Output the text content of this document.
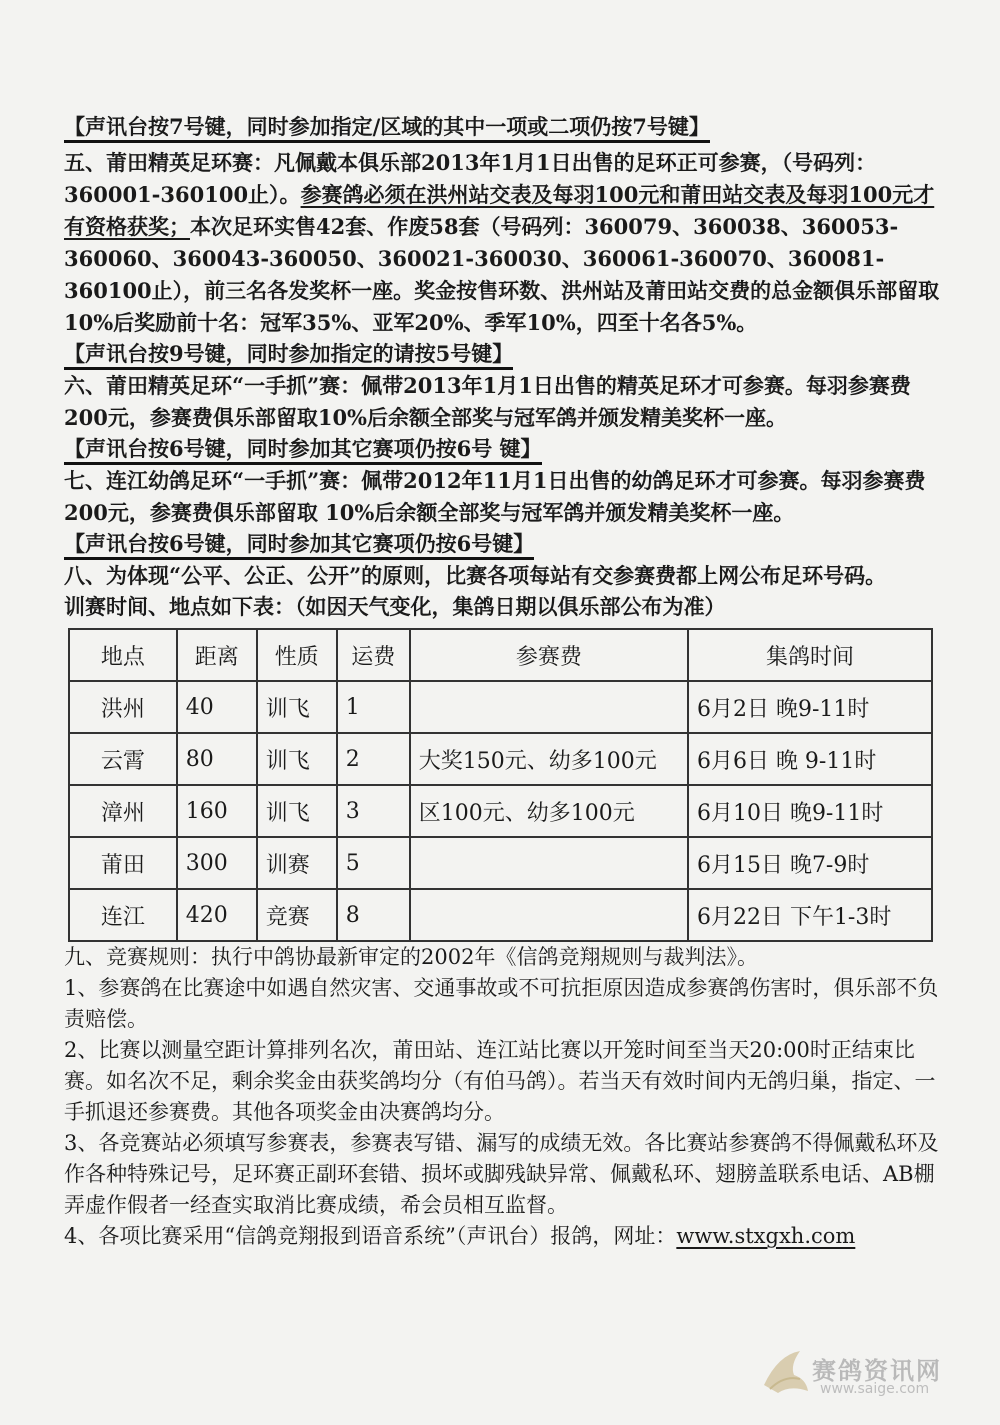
【声讯台按7号键，同时参加指定/区域的其中一项或二项仍按7号键】

五、莆田精英足环赛：凡佩戴本俱乐部2013年1月1日出售的足环正可参赛，（号码列：360001-360100止）。参赛鸽必须在洪州站交表及每羽100元和莆田站交表及每羽100元才有资格获奖；本次足环实售42套、作废58套（号码列：360079、360038、360053-360060、360043-360050、360021-360030、360061-360070、360081-360100止），前三名各发奖杯一座。奖金按售环数、洪州站及莆田站交费的总金额俱乐部留取10%后奖励前十名：冠军35%、亚军20%、季军10%，四至十名各5%。

【声讯台按9号键，同时参加指定的请按5号键】

六、莆田精英足环“一手抓”赛：佩带2013年1月1日出售的精英足环才可参赛。每羽参赛费200元，参赛费俱乐部留取10%后余额全部奖与冠军鸽并颁发精美奖杯一座。 【声讯台按6号键，同时参加其它赛项仍按6号 键】

七、连江幼鸽足环“一手抓”赛：佩带2012年11月1日出售的幼鸽足环才可参赛。每羽参赛费200元，参赛费俱乐部留取 10%后余额全部奖与冠军鸽并颁发精美奖杯一座。【声讯台按6号键，同时参加其它赛项仍按6号键】

八、为体现“公平、公正、公开”的原则，比赛各项每站有交参赛费都上网公布足环号码。

训赛时间、地点如下表：（如因天气变化，集鸽日期以俱乐部公布为准）

地点	距离	性质	运费	参赛费	集鸽时间
洪州	40	训飞	1		6月2日 晚9-11时
云霄	80	训飞	2	大奖150元、幼多100元	6月6日 晚 9-11时
漳州	160	训飞	3	区100元、幼多100元	6月10日 晚9-11时
莆田	300	训赛	5		6月15日 晚7-9时
连江	420	竞赛	8		6月22日 下午1-3时

九、竞赛规则：执行中鸽协最新审定的2002年《信鸽竞翔规则与裁判法》。

1、参赛鸽在比赛途中如遇自然灾害、交通事故或不可抗拒原因造成参赛鸽伤害时，俱乐部不负责赔偿。

2、比赛以测量空距计算排列名次，莆田站、连江站比赛以开笼时间至当天20:00时正结束比赛。如名次不足，剩余奖金由获奖鸽均分（有伯马鸽）。若当天有效时间内无鸽归巢，指定、一手抓退还参赛费。其他各项奖金由决赛鸽均分。

3、各竞赛站必须填写参赛表，参赛表写错、漏写的成绩无效。各比赛站参赛鸽不得佩戴私环及作各种特殊记号，足环赛正副环套错、损坏或脚残缺异常、佩戴私环、翅膀盖联系电话、AB棚弄虚作假者一经查实取消比赛成绩，希会员相互监督。

4、各项比赛采用“信鸽竞翔报到语音系统”（声讯台）报鸽，网址：www.stxgxh.com

赛鸽资讯网
www.saige.com
